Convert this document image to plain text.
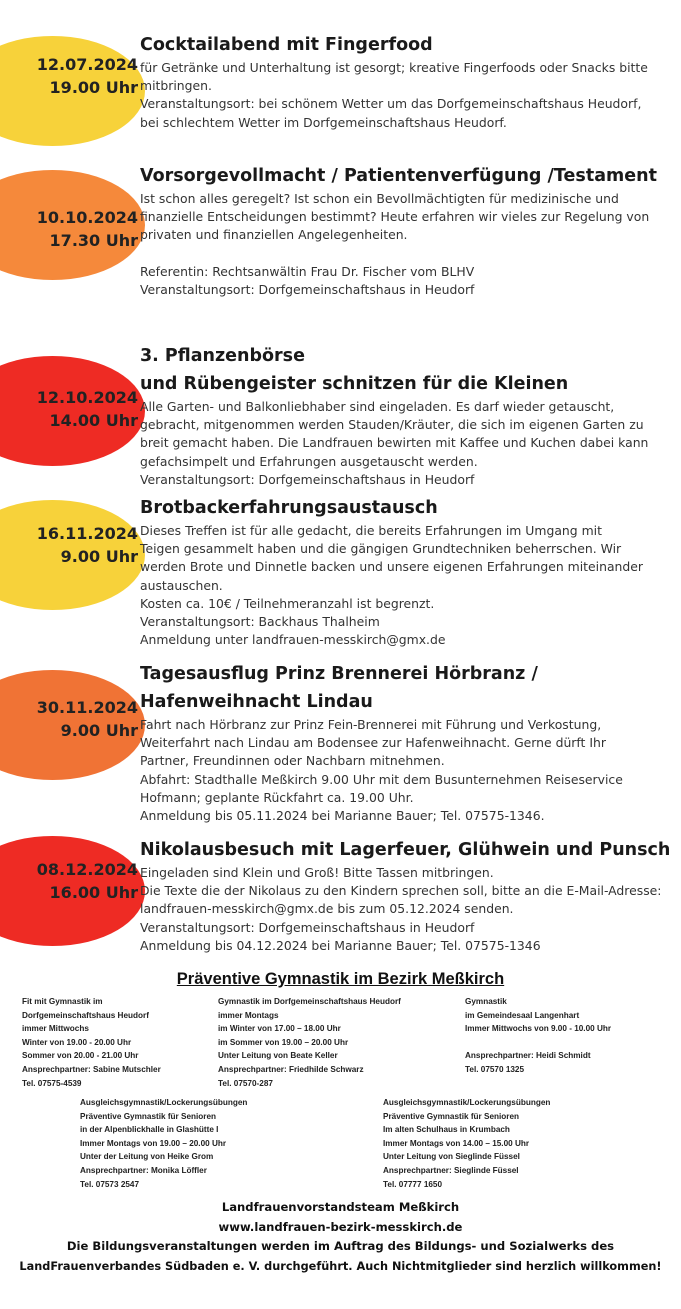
12.07.2024
19.00 Uhr
Cocktailabend mit Fingerfood
für Getränke und Unterhaltung ist gesorgt; kreative Fingerfoods oder Snacks bitte
mitbringen.
Veranstaltungsort: bei schönem Wetter um das Dorfgemeinschaftshaus Heudorf,
bei schlechtem Wetter im Dorfgemeinschaftshaus Heudorf.
10.10.2024
17.30 Uhr
Vorsorgevollmacht / Patientenverfügung /Testament
Ist schon alles geregelt? Ist schon ein Bevollmächtigten für medizinische und
finanzielle Entscheidungen bestimmt? Heute erfahren wir vieles zur Regelung von
privaten und finanziellen Angelegenheiten.
Referentin: Rechtsanwältin Frau Dr. Fischer vom BLHV
Veranstaltungsort: Dorfgemeinschaftshaus in Heudorf
12.10.2024
14.00 Uhr
3. Pflanzenbörse
und Rübengeister schnitzen für die Kleinen
Alle Garten- und Balkonliebhaber sind eingeladen. Es darf wieder getauscht,
gebracht, mitgenommen werden Stauden/Kräuter, die sich im eigenen Garten zu
breit gemacht haben. Die Landfrauen bewirten mit Kaffee und Kuchen dabei kann
gefachsimpelt und Erfahrungen ausgetauscht werden.
Veranstaltungsort: Dorfgemeinschaftshaus in Heudorf
16.11.2024
9.00 Uhr
Brotbackerfahrungsaustausch
Dieses Treffen ist für alle gedacht, die bereits Erfahrungen im Umgang mit
Teigen gesammelt haben und die gängigen Grundtechniken beherrschen. Wir
werden Brote und Dinnetle backen und unsere eigenen Erfahrungen miteinander
austauschen.
Kosten ca. 10€ / Teilnehmeranzahl ist begrenzt.
Veranstaltungsort: Backhaus Thalheim
Anmeldung unter landfrauen-messkirch@gmx.de
30.11.2024
9.00 Uhr
Tagesausflug Prinz Brennerei Hörbranz /
Hafenweihnacht Lindau
Fahrt nach Hörbranz zur Prinz Fein-Brennerei mit Führung und Verkostung,
Weiterfahrt nach Lindau am Bodensee zur Hafenweihnacht. Gerne dürft Ihr
Partner, Freundinnen oder Nachbarn mitnehmen.
Abfahrt: Stadthalle Meßkirch 9.00 Uhr mit dem Busunternehmen Reiseservice
Hofmann; geplante Rückfahrt ca. 19.00 Uhr.
Anmeldung bis 05.11.2024 bei Marianne Bauer; Tel. 07575-1346.
08.12.2024
16.00 Uhr
Nikolausbesuch mit Lagerfeuer, Glühwein und Punsch
Eingeladen sind Klein und Groß! Bitte Tassen mitbringen.
Die Texte die der Nikolaus zu den Kindern sprechen soll, bitte an die E-Mail-Adresse:
landfrauen-messkirch@gmx.de bis zum 05.12.2024 senden.
Veranstaltungsort: Dorfgemeinschaftshaus in Heudorf
Anmeldung bis 04.12.2024 bei Marianne Bauer; Tel. 07575-1346
Präventive Gymnastik im Bezirk Meßkirch
Fit mit Gymnastik im
Dorfgemeinschaftshaus Heudorf
immer Mittwochs
Winter von 19.00 - 20.00 Uhr
Sommer von 20.00 - 21.00 Uhr
Ansprechpartner: Sabine Mutschler
Tel. 07575-4539
Gymnastik im Dorfgemeinschaftshaus Heudorf
immer Montags
im Winter von 17.00 – 18.00 Uhr
im Sommer von 19.00 – 20.00 Uhr
Unter Leitung von Beate Keller
Ansprechpartner: Friedhilde Schwarz
Tel. 07570-287
Gymnastik
im Gemeindesaal Langenhart
Immer Mittwochs von 9.00 - 10.00 Uhr
Ansprechpartner: Heidi Schmidt
Tel. 07570 1325
Ausgleichsgymnastik/Lockerungsübungen
Präventive Gymnastik für Senioren
in der Alpenblickhalle in Glashütte I
Immer Montags von 19.00 – 20.00 Uhr
Unter der Leitung von Heike Grom
Ansprechpartner: Monika Löffler
Tel. 07573 2547
Ausgleichsgymnastik/Lockerungsübungen
Präventive Gymnastik für Senioren
Im alten Schulhaus in Krumbach
Immer Montags von 14.00 – 15.00 Uhr
Unter Leitung von Sieglinde Füssel
Ansprechpartner: Sieglinde Füssel
Tel. 07777 1650
Landfrauenvorstandsteam Meßkirch
www.landfrauen-bezirk-messkirch.de
Die Bildungsveranstaltungen werden im Auftrag des Bildungs- und Sozialwerks des
LandFrauenverbandes Südbaden e. V. durchgeführt. Auch Nichtmitglieder sind herzlich willkommen!
